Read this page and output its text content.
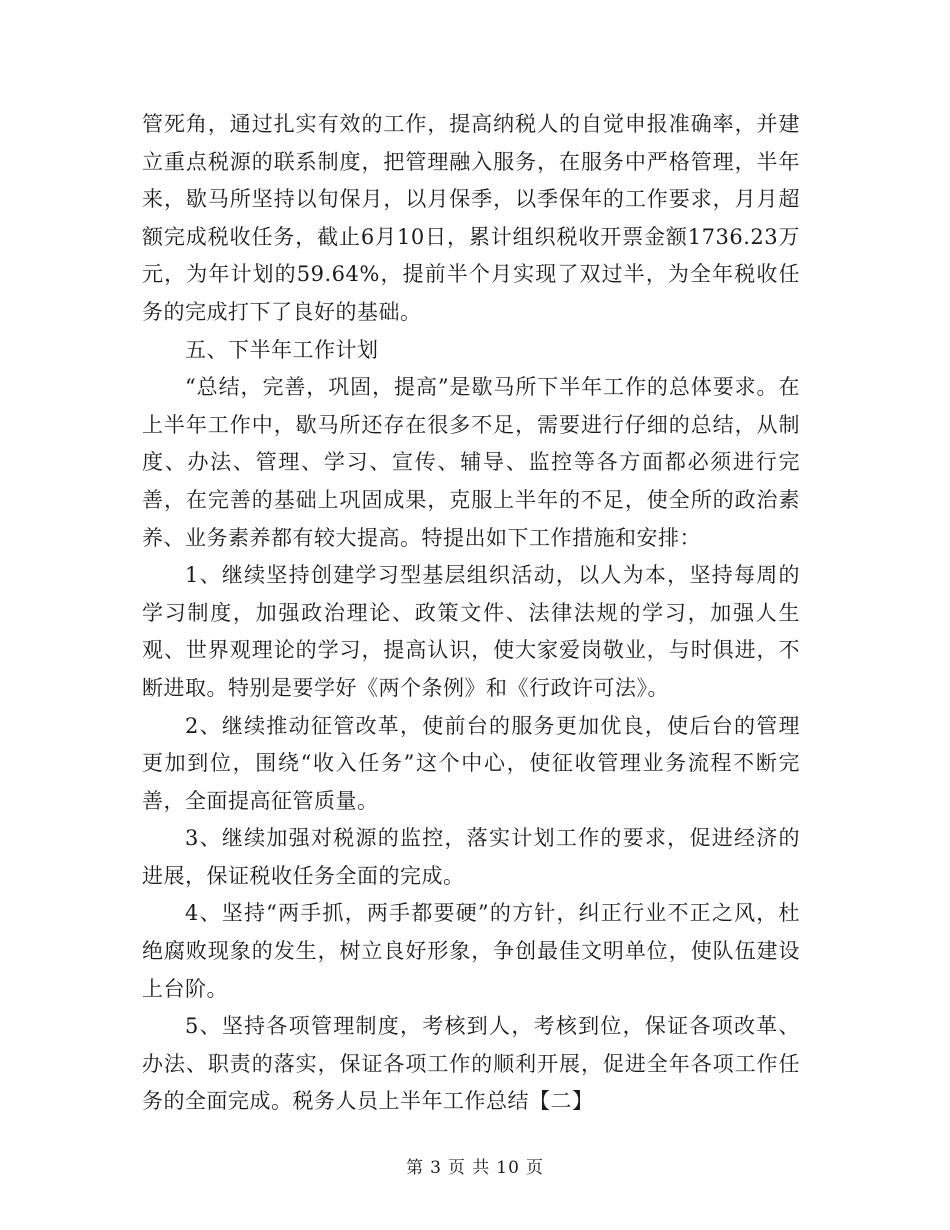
管死角，通过扎实有效的工作，提高纳税人的自觉申报准确率，并建立重点税源的联系制度，把管理融入服务，在服务中严格管理，半年来，歇马所坚持以旬保月，以月保季，以季保年的工作要求，月月超额完成税收任务，截止6月10日，累计组织税收开票金额1736.23万元，为年计划的59.64%，提前半个月实现了双过半，为全年税收任务的完成打下了良好的基础。

五、下半年工作计划

“总结，完善，巩固，提高”是歇马所下半年工作的总体要求。在上半年工作中，歇马所还存在很多不足，需要进行仔细的总结，从制度、办法、管理、学习、宣传、辅导、监控等各方面都必须进行完善，在完善的基础上巩固成果，克服上半年的不足，使全所的政治素养、业务素养都有较大提高。特提出如下工作措施和安排：

1、继续坚持创建学习型基层组织活动，以人为本，坚持每周的学习制度，加强政治理论、政策文件、法律法规的学习，加强人生观、世界观理论的学习，提高认识，使大家爱岗敬业，与时俱进，不断进取。特别是要学好《两个条例》和《行政许可法》。

2、继续推动征管改革，使前台的服务更加优良，使后台的管理更加到位，围绕“收入任务”这个中心，使征收管理业务流程不断完善，全面提高征管质量。

3、继续加强对税源的监控，落实计划工作的要求，促进经济的进展，保证税收任务全面的完成。

4、坚持“两手抓，两手都要硬”的方针，纠正行业不正之风，杜绝腐败现象的发生，树立良好形象，争创最佳文明单位，使队伍建设上台阶。

5、坚持各项管理制度，考核到人，考核到位，保证各项改革、办法、职责的落实，保证各项工作的顺利开展，促进全年各项工作任务的全面完成。税务人员上半年工作总结【二】

第 3 页 共 10 页
